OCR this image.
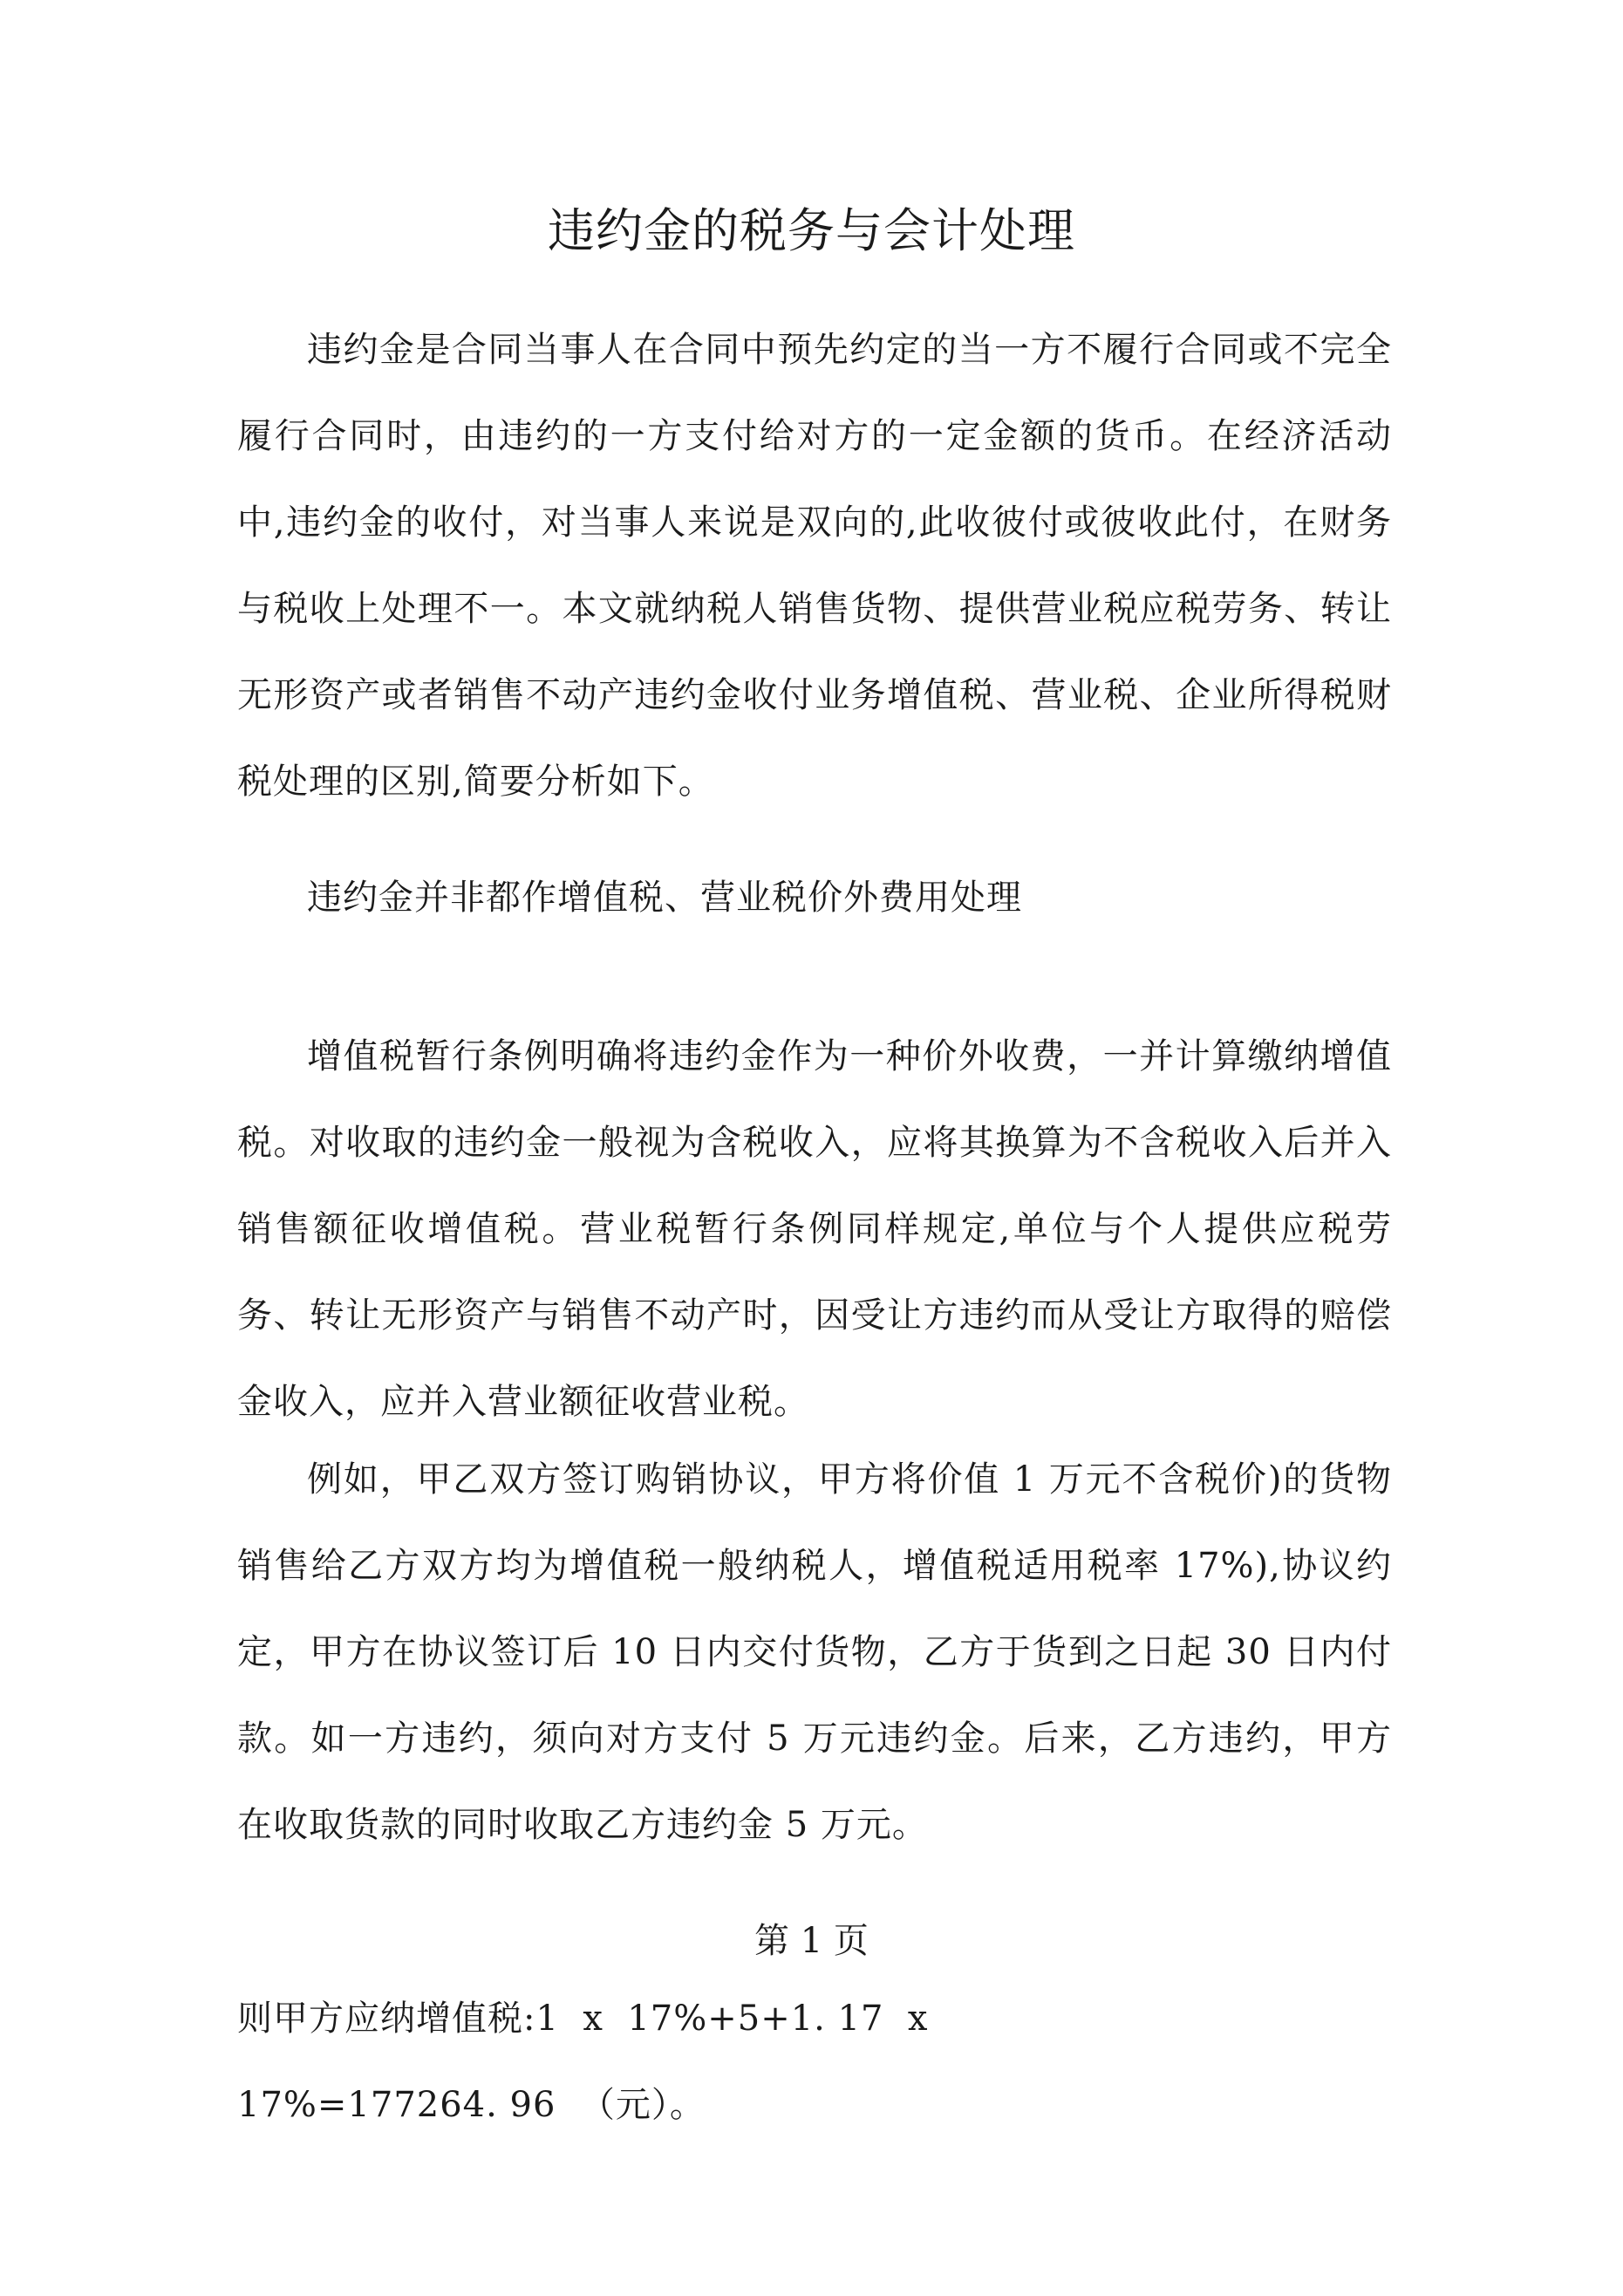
违约金的税务与会计处理

违约金是合同当事人在合同中预先约定的当一方不履行合同或不完全履行合同时，由违约的一方支付给对方的一定金额的货币。在经济活动中,违约金的收付，对当事人来说是双向的,此收彼付或彼收此付，在财务与税收上处理不一。本文就纳税人销售货物、提供营业税应税劳务、转让无形资产或者销售不动产违约金收付业务增值税、营业税、企业所得税财税处理的区别,简要分析如下。

违约金并非都作增值税、营业税价外费用处理

增值税暂行条例明确将违约金作为一种价外收费，一并计算缴纳增值税。对收取的违约金一般视为含税收入，应将其换算为不含税收入后并入销售额征收增值税。营业税暂行条例同样规定,单位与个人提供应税劳务、转让无形资产与销售不动产时，因受让方违约而从受让方取得的赔偿金收入，应并入营业额征收营业税。

例如，甲乙双方签订购销协议，甲方将价值 1 万元不含税价)的货物销售给乙方双方均为增值税一般纳税人，增值税适用税率 17%),协议约定，甲方在协议签订后 10 日内交付货物，乙方于货到之日起 30 日内付款。如一方违约，须向对方支付 5 万元违约金。后来，乙方违约，甲方在收取货款的同时收取乙方违约金 5 万元。

第 1 页

则甲方应纳增值税:1  x  17%+5+1. 17  x
17%=177264. 96  （元）。
